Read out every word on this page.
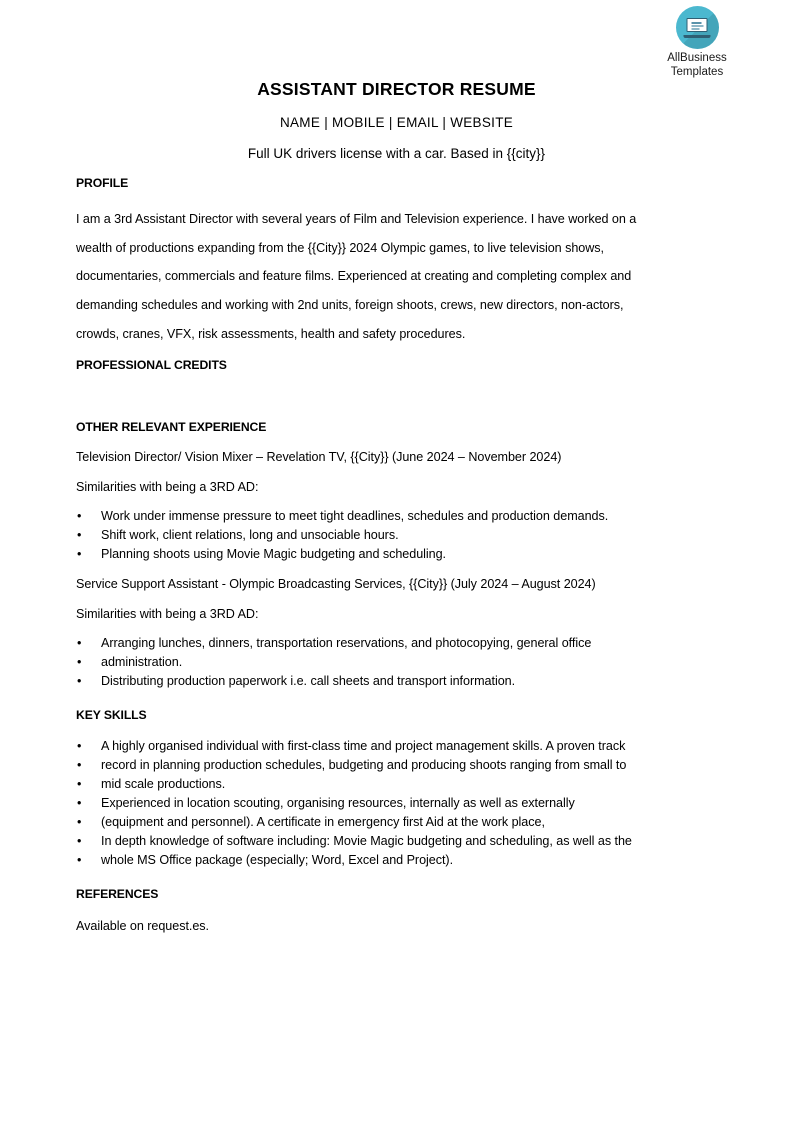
AllBusiness
Templates
ASSISTANT DIRECTOR RESUME
NAME | MOBILE | EMAIL | WEBSITE
Full UK drivers license with a car. Based in {{city}}
PROFILE

I am a 3rd Assistant Director with several years of Film and Television experience. I have worked on a

wealth of productions expanding from the {{City}} 2024 Olympic games, to live television shows,

documentaries, commercials and feature films. Experienced at creating and completing complex and

demanding schedules and working with 2nd units, foreign shoots, crews, new directors, non-actors,

crowds, cranes, VFX, risk assessments, health and safety procedures.

PROFESSIONAL CREDITS
OTHER RELEVANT EXPERIENCE

Television Director/ Vision Mixer – Revelation TV, {{City}} (June 2024 – November 2024)

Similarities with being a 3RD AD:

• Work under immense pressure to meet tight deadlines, schedules and production demands.
• Shift work, client relations, long and unsociable hours.
• Planning shoots using Movie Magic budgeting and scheduling.

Service Support Assistant - Olympic Broadcasting Services, {{City}} (July 2024 – August 2024)

Similarities with being a 3RD AD:

• Arranging lunches, dinners, transportation reservations, and photocopying, general office
• administration.
• Distributing production paperwork i.e. call sheets and transport information.
KEY SKILLS
• A highly organised individual with first-class time and project management skills. A proven track
• record in planning production schedules, budgeting and producing shoots ranging from small to
• mid scale productions.
• Experienced in location scouting, organising resources, internally as well as externally
• (equipment and personnel). A certificate in emergency first Aid at the work place,
• In depth knowledge of software including: Movie Magic budgeting and scheduling, as well as the
• whole MS Office package (especially; Word, Excel and Project).
REFERENCES

Available on request.es.
